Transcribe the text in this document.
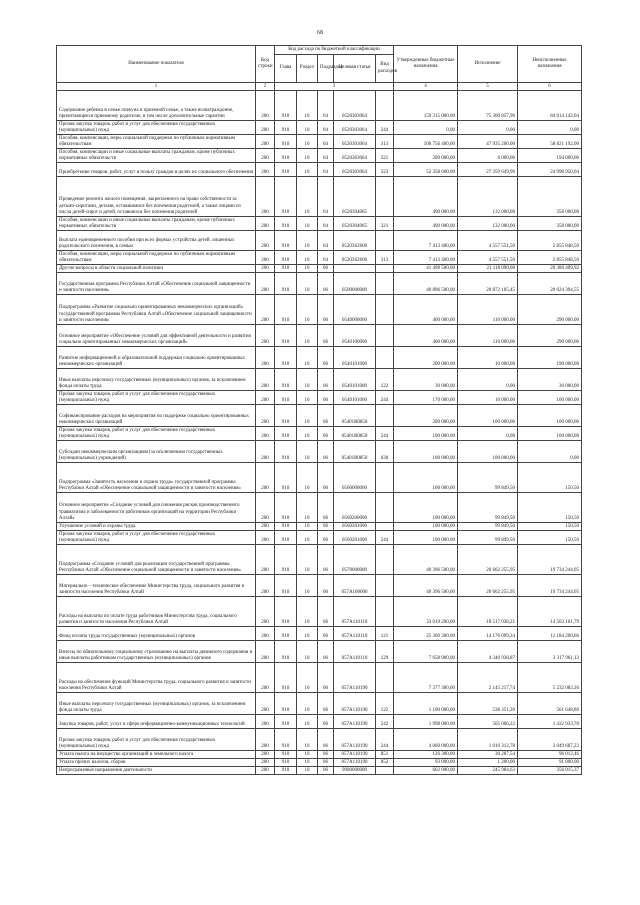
68
Наименование показателя	Код строки	Код расхода по бюджетной классификации					Утвержденные бюджетные назначения	Исполнение	Неисполненные назначения
		Глава	Раздел	Подраздел	Целевая статья	Вид расходов			
1	2	3					4	5	6
Содержание ребенка в семье опекуна и приемной семье, а также вознаграждение, причитающееся приемному родителю, в том числе дополнительные гарантии	200	910	10	04	0520303064		159 315 000,00	75 300 857,96	84 014 142,04
Прочая закупка товаров, работ и услуг для обеспечения государственных (муниципальных) нужд	200	910	10	04	0520303064	244	0,00	0,00	0,00
Пособия, компенсации, меры социальной поддержки по публичным нормативным обязательствам	200	910	10	04	0520303064	313	106 756 400,00	47 935 200,00	58 821 192,00
Пособия, компенсации и иные социальные выплаты гражданам, кроме публичных нормативных обязательств	200	910	10	04	0520303064	321	200 000,00	6 000,00	194 000,00
Приобретение товаров, работ, услуг в пользу граждан в целях их социального обеспечения	200	910	10	04	0520303064	323	52 358 600,00	27 359 649,96	24 998 950,04
Проведение ремонта жилого помещения, закрепленного на право собственности за детьми-сиротами, детьми, оставшимися без попечения родителей, а также лицами из числа детей-сирот и детей, оставшихся без попечения родителей	200	910	10	04	0520304065		490 000,00	132 000,00	358 000,00
Пособия, компенсации и иные социальные выплаты гражданам, кроме публичных нормативных обязательств	200	910	10	04	0520304065	321	490 000,00	132 000,00	358 000,00
Выплата единовременного пособия при всех формах устройства детей, лишенных родительского попечения, в семью	200	910	10	04	05203S2600		7 413 400,00	4 557 551,50	2 855 848,50
Пособия, компенсации, меры социальной поддержки по публичным нормативным обязательствам	200	910	10	04	05203S2600	313	7 413 400,00	4 557 551,50	2 855 848,50
Другие вопросы в области социальной политики	200	910	10	06			41 498 500,00	21 118 090,08	20 380 409,92
Государственная программа Республики Алтай «Обеспечение социальной защищенности и занятости населения»	200	910	10	06	0500000000		40 896 500,00	20 872 105,45	20 024 394,55
Подпрограмма «Развитие социально ориентированных некоммерческих организаций» государственной программы Республики Алтай «Обеспечение социальной защищенности и занятости населения»	200	910	10	06	0540000000		400 000,00	110 000,00	290 000,00
Основное мероприятие «Обеспечение условий для эффективной деятельности и развития социально ориентированных некоммерческих организаций»	200	910	10	06	0540100000		400 000,00	110 000,00	290 000,00
Развитие информационной и образовательной поддержки социально ориентированных некоммерческих организаций	200	910	10	06	0540101000		200 000,00	10 000,00	190 000,00
Иные выплаты персоналу государственных (муниципальных) органов, за исключением фонда оплаты труда	200	910	10	06	0540101000	122	30 000,00	0,00	30 000,00
Прочая закупка товаров, работ и услуг для обеспечения государственных (муниципальных) нужд	200	910	10	06	0540101000	244	170 000,00	10 000,00	160 000,00
Софинансирование расходов на мероприятия по поддержке социально ориентированных некоммерческих организаций	200	910	10	06	05401R0850		200 000,00	100 000,00	100 000,00
Прочая закупка товаров, работ и услуг для обеспечения государственных (муниципальных) нужд	200	910	10	06	05401R0850	244	100 000,00	0,00	100 000,00
Субсидии некоммерческим организациям (за исключением государственных (муниципальных) учреждений)	200	910	10	06	05401R0850	630	100 000,00	100 000,00	0,00
Подпрограмма «Занятость населения и охрана труда» государственной программы Республики Алтай «Обеспечение социальной защищенности и занятости населения»	200	910	10	06	0560000000		100 000,00	99 849,50	150,50
Основное мероприятие «Создание условий для снижения рисков производственного травматизма и заболеваемости работников организаций на территории Республики Алтай»	200	910	10	06	0560200000		100 000,00	99 849,50	150,50
Улучшение условий и охраны труда	200	910	10	06	0560201000		100 000,00	99 849,50	150,50
Прочая закупка товаров, работ и услуг для обеспечения государственных (муниципальных) нужд	200	910	10	06	0560201000	244	100 000,00	99 849,50	150,50
Подпрограмма «Создание условий для реализации государственной программы Республики Алтай «Обеспечение социальной защищенности и занятости населения»	200	910	10	06	0570000000		40 396 500,00	20 662 255,95	19 734 244,05
Материально – техническое обеспечение Министерства труда, социального развития и занятости населения Республики Алтай	200	910	10	06	057A100000		40 396 500,00	20 662 255,95	19 734 244,05
Расходы на выплаты по оплате труда работников Министерства труда, социального развития и занятости населения Республики Алтай	200	910	10	06	057A110110		33 019 200,00	18 517 038,21	14 502 161,79
Фонд оплаты труда государственных (муниципальных) органов	200	910	10	06	057A110110	121	25 360 300,00	14 176 099,34	11 184 200,66
Взносы по обязательному социальному страхованию на выплаты денежного содержания и иные выплаты работникам государственных (муниципальных) органов	200	910	10	06	057A110110	129	7 658 900,00	4 340 938,87	3 317 961,13
Расходы на обеспечение функций Министерства труда, социального развития и занятости населения Республики Алтай	200	910	10	06	057A110190		7 377 300,00	2 145 217,74	5 232 082,26
Иные выплаты персоналу государственных (муниципальных) органов, за исключением фонда оплаты труда	200	910	10	06	057A110190	122	1 100 000,00	538 351,20	561 648,80
Закупка товаров, работ, услуг в сфере информационно-коммуникационных технологий	200	910	10	06	057A110190	242	1 998 000,00	565 066,22	1 432 933,78
Прочая закупка товаров, работ и услуг для обеспечения государственных (муниципальных) нужд	200	910	10	06	057A110190	244	4 060 000,00	1 010 312,78	3 049 687,22
Уплата налога на имущество организаций и земельного налога	200	910	10	06	057A110190	851	126 300,00	30 287,54	96 012,46
Уплата прочих налогов, сборов	200	910	10	06	057A110190	852	93 000,00	1 200,00	91 800,00
Непрограммные направления деятельности	200	910	10	06	9900000000		602 000,00	245 984,63	356 015,37
